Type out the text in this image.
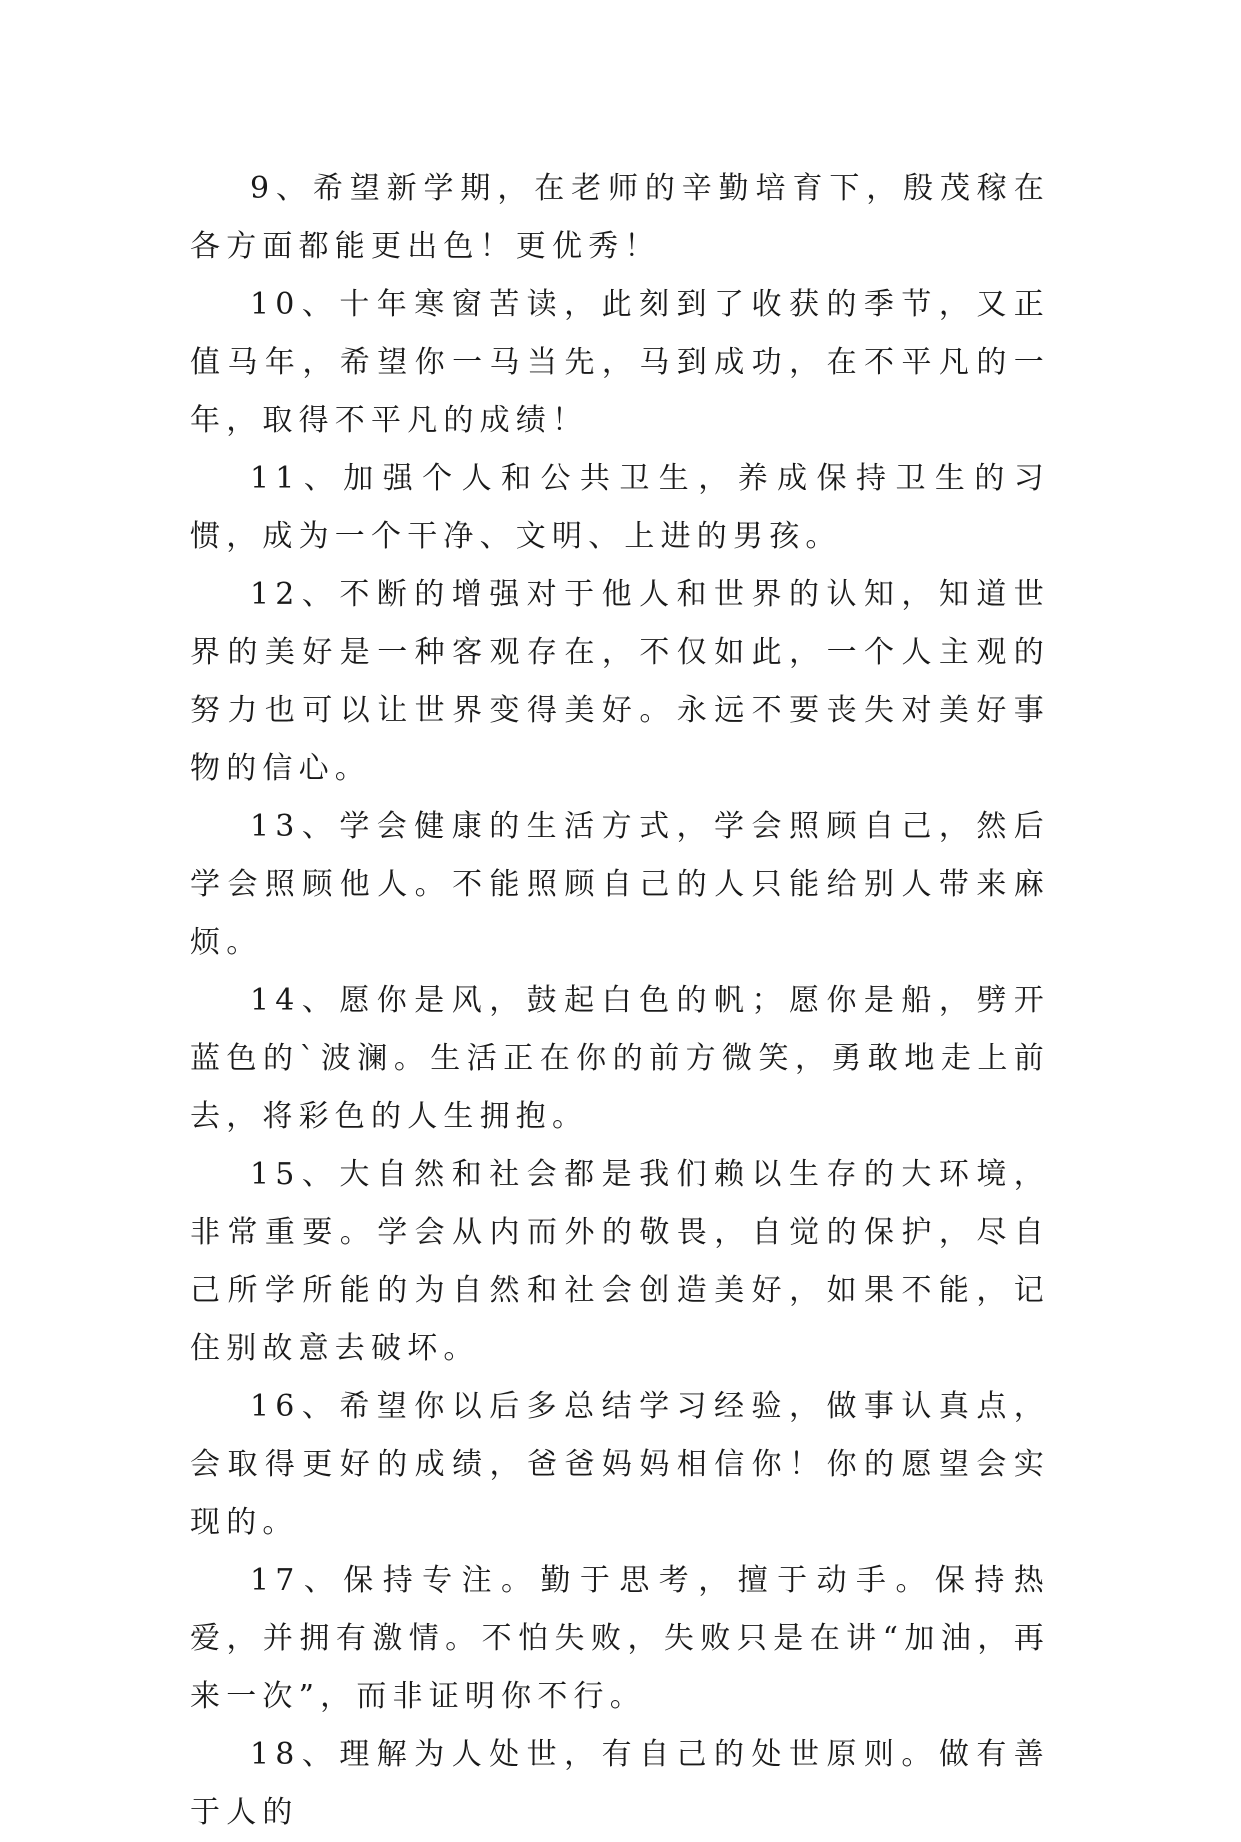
9、希望新学期，在老师的辛勤培育下，殷茂稼在各方面都能更出色！更优秀！

10、十年寒窗苦读，此刻到了收获的季节，又正值马年，希望你一马当先，马到成功，在不平凡的一年，取得不平凡的成绩！

11、加强个人和公共卫生，养成保持卫生的习惯，成为一个干净、文明、上进的男孩。

12、不断的增强对于他人和世界的认知，知道世界的美好是一种客观存在，不仅如此，一个人主观的努力也可以让世界变得美好。永远不要丧失对美好事物的信心。

13、学会健康的生活方式，学会照顾自己，然后学会照顾他人。不能照顾自己的人只能给别人带来麻烦。

14、愿你是风，鼓起白色的帆；愿你是船，劈开蓝色的`波澜。生活正在你的前方微笑，勇敢地走上前去，将彩色的人生拥抱。

15、大自然和社会都是我们赖以生存的大环境，非常重要。学会从内而外的敬畏，自觉的保护，尽自己所学所能的为自然和社会创造美好，如果不能，记住别故意去破坏。

16、希望你以后多总结学习经验，做事认真点，会取得更好的成绩，爸爸妈妈相信你！你的愿望会实现的。

17、保持专注。勤于思考，擅于动手。保持热爱，并拥有激情。不怕失败，失败只是在讲“加油，再来一次”，而非证明你不行。

18、理解为人处世，有自己的处世原则。做有善于人的
